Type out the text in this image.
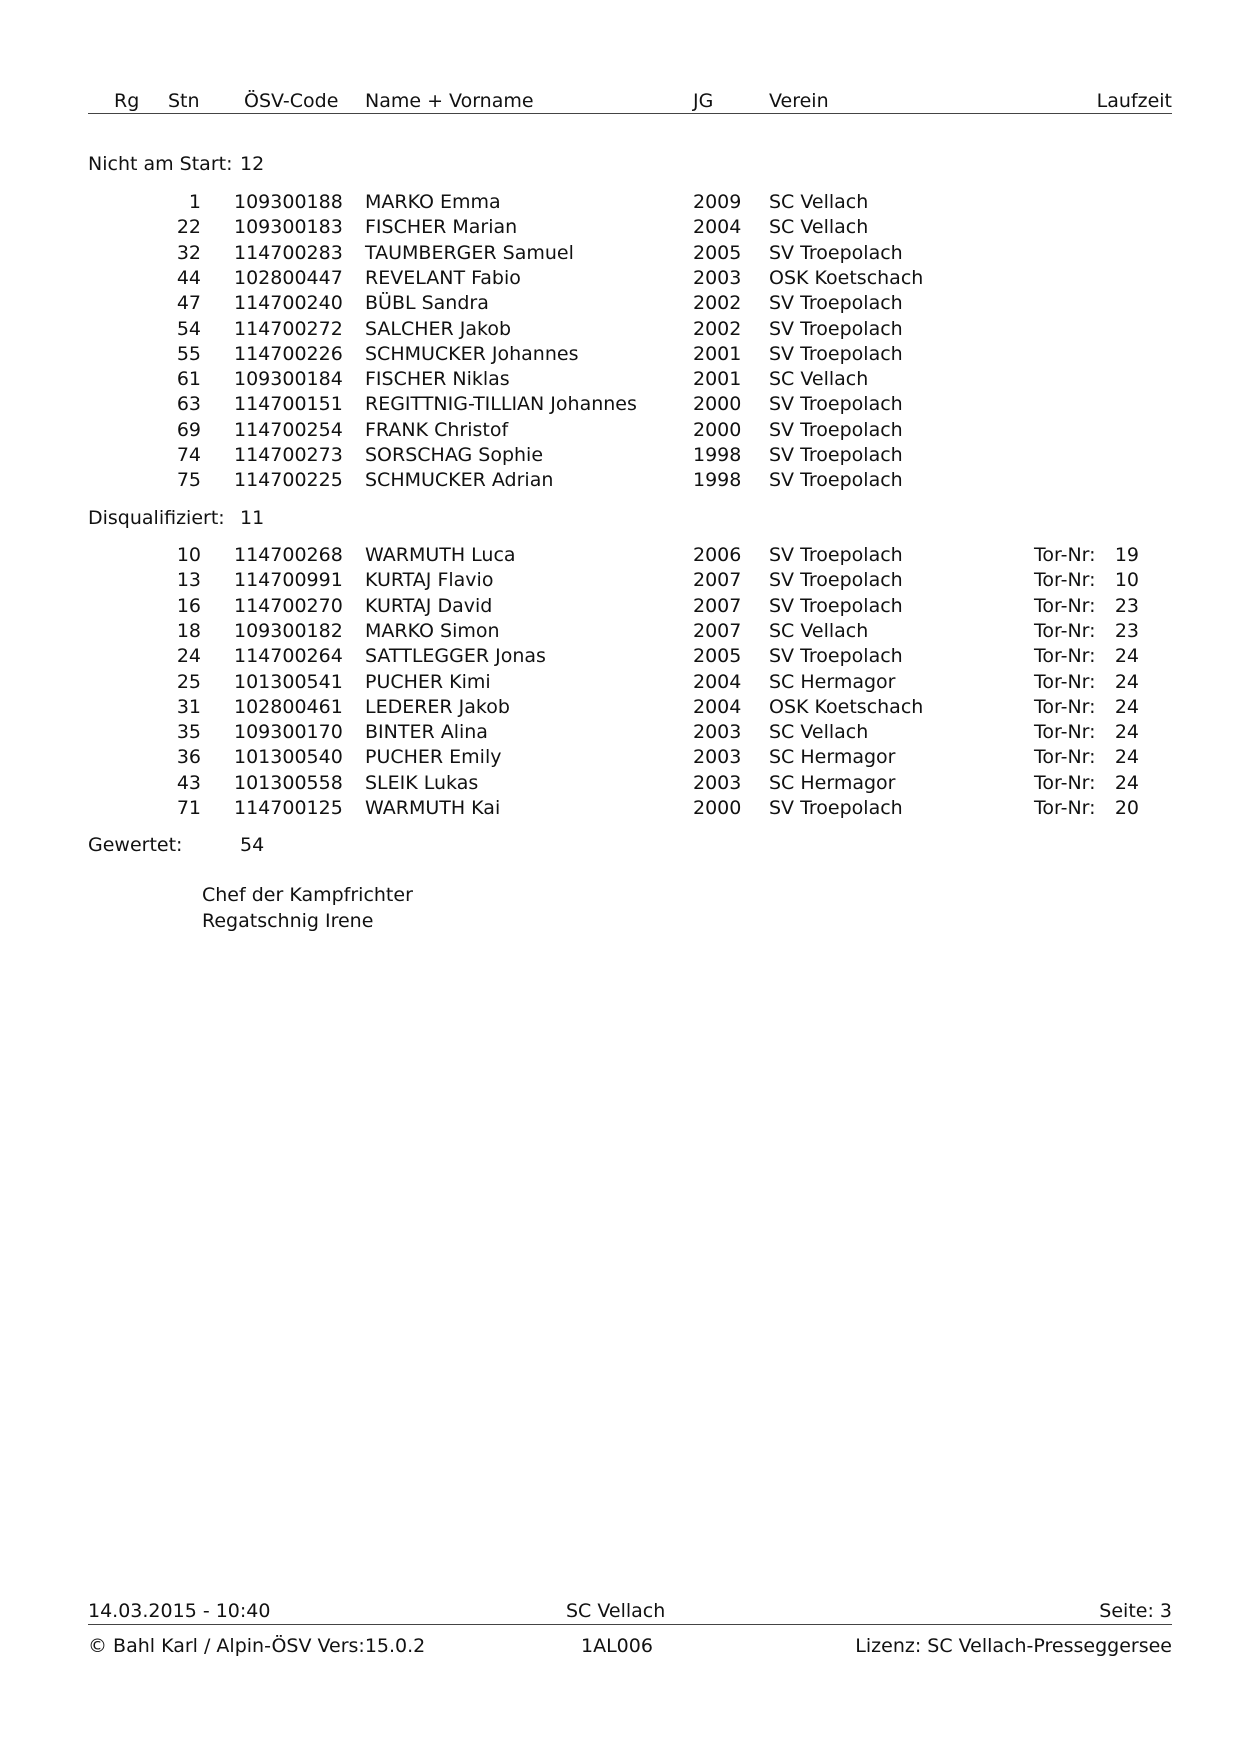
Rg Stn ÖSV-Code Name + Vorname	JG	Verein	Laufzeit
Nicht am Start: 12
1 109300188 MARKO Emma	2009 SC Vellach
22 109300183 FISCHER Marian	2004 SC Vellach
32 114700283 TAUMBERGER Samuel	2005 SV Troepolach
44 102800447 REVELANT Fabio	2003 OSK Koetschach
47 114700240 BÜBL Sandra	2002 SV Troepolach
54 114700272 SALCHER Jakob	2002 SV Troepolach
55 114700226 SCHMUCKER Johannes	2001 SV Troepolach
61 109300184 FISCHER Niklas	2001 SC Vellach
63 114700151 REGITTNIG-TILLIAN Johannes	2000 SV Troepolach
69 114700254 FRANK Christof	2000 SV Troepolach
74 114700273 SORSCHAG Sophie	1998 SV Troepolach
75 114700225 SCHMUCKER Adrian	1998 SV Troepolach
Disqualifiziert: 11
10 114700268 WARMUTH Luca	2006 SV Troepolach	Tor-Nr: 19
13 114700991 KURTAJ Flavio	2007 SV Troepolach	Tor-Nr: 10
16 114700270 KURTAJ David	2007 SV Troepolach	Tor-Nr: 23
18 109300182 MARKO Simon	2007 SC Vellach	Tor-Nr: 23
24 114700264 SATTLEGGER Jonas	2005 SV Troepolach	Tor-Nr: 24
25 101300541 PUCHER Kimi	2004 SC Hermagor	Tor-Nr: 24
31 102800461 LEDERER Jakob	2004 OSK Koetschach	Tor-Nr: 24
35 109300170 BINTER Alina	2003 SC Vellach	Tor-Nr: 24
36 101300540 PUCHER Emily	2003 SC Hermagor	Tor-Nr: 24
43 101300558 SLEIK Lukas	2003 SC Hermagor	Tor-Nr: 24
71 114700125 WARMUTH Kai	2000 SV Troepolach	Tor-Nr: 20
Gewertet:	54
Chef der Kampfrichter
Regatschnig Irene
14.03.2015 - 10:40	SC Vellach	Seite: 3
© Bahl Karl / Alpin-ÖSV Vers:15.0.2	1AL006	Lizenz: SC Vellach-Presseggersee
